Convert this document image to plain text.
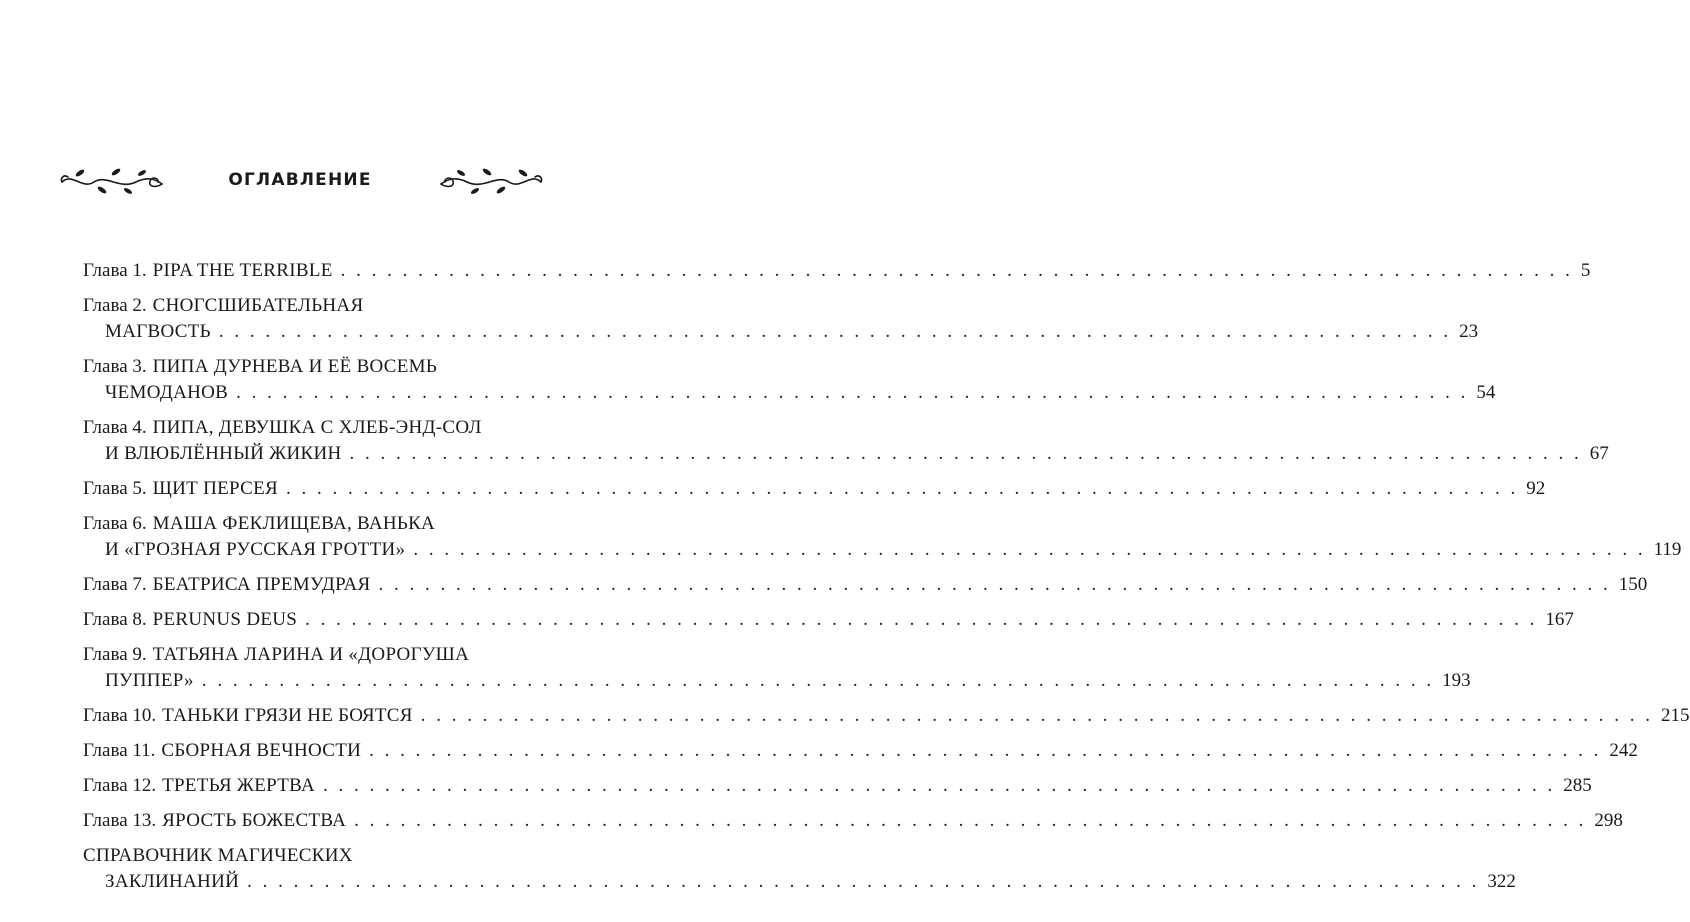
ОГЛАВЛЕНИЕ
Глава 1. PIPA THE TERRIBLE . . . . . . . . . . . . . . . . . . . . . . . . . . . . . . . . . . . . . . . . . . . . . . . . . . . . . . . . . . . . . . . . . . . . . . . . . . . . . . . . 5
Глава 2. СНОГСШИБАТЕЛЬНАЯ
МАГВОСТЬ . . . . . . . . . . . . . . . . . . . . . . . . . . . . . . . . . . . . . . . . . . . . . . . . . . . . . . . . . . . . . . . . . . . . . . . . . . . . . . . . 23
Глава 3. ПИПА ДУРНЕВА И ЕЁ ВОСЕМЬ
ЧЕМОДАНОВ . . . . . . . . . . . . . . . . . . . . . . . . . . . . . . . . . . . . . . . . . . . . . . . . . . . . . . . . . . . . . . . . . . . . . . . . . . . . . . . . 54
Глава 4. ПИПА, ДЕВУШКА С ХЛЕБ-ЭНД-СОЛ
И ВЛЮБЛЁННЫЙ ЖИКИН . . . . . . . . . . . . . . . . . . . . . . . . . . . . . . . . . . . . . . . . . . . . . . . . . . . . . . . . . . . . . . . . . . . . . . . . . . . . . . . . 67
Глава 5. ЩИТ ПЕРСЕЯ . . . . . . . . . . . . . . . . . . . . . . . . . . . . . . . . . . . . . . . . . . . . . . . . . . . . . . . . . . . . . . . . . . . . . . . . . . . . . . . . 92
Глава 6. МАША ФЕКЛИЩЕВА, ВАНЬКА
И «ГРОЗНАЯ РУССКАЯ ГРОТТИ» . . . . . . . . . . . . . . . . . . . . . . . . . . . . . . . . . . . . . . . . . . . . . . . . . . . . . . . . . . . . . . . . . . . . . . . . . . . . . . . . 119
Глава 7. БЕАТРИСА ПРЕМУДРАЯ . . . . . . . . . . . . . . . . . . . . . . . . . . . . . . . . . . . . . . . . . . . . . . . . . . . . . . . . . . . . . . . . . . . . . . . . . . . . . . . . 150
Глава 8. PERUNUS DEUS . . . . . . . . . . . . . . . . . . . . . . . . . . . . . . . . . . . . . . . . . . . . . . . . . . . . . . . . . . . . . . . . . . . . . . . . . . . . . . . . 167
Глава 9. ТАТЬЯНА ЛАРИНА И «ДОРОГУША
ПУППЕР» . . . . . . . . . . . . . . . . . . . . . . . . . . . . . . . . . . . . . . . . . . . . . . . . . . . . . . . . . . . . . . . . . . . . . . . . . . . . . . . . 193
Глава 10. ТАНЬКИ ГРЯЗИ НЕ БОЯТСЯ . . . . . . . . . . . . . . . . . . . . . . . . . . . . . . . . . . . . . . . . . . . . . . . . . . . . . . . . . . . . . . . . . . . . . . . . . . . . . . . . 215
Глава 11. СБОРНАЯ ВЕЧНОСТИ . . . . . . . . . . . . . . . . . . . . . . . . . . . . . . . . . . . . . . . . . . . . . . . . . . . . . . . . . . . . . . . . . . . . . . . . . . . . . . . . 242
Глава 12. ТРЕТЬЯ ЖЕРТВА . . . . . . . . . . . . . . . . . . . . . . . . . . . . . . . . . . . . . . . . . . . . . . . . . . . . . . . . . . . . . . . . . . . . . . . . . . . . . . . . 285
Глава 13. ЯРОСТЬ БОЖЕСТВА . . . . . . . . . . . . . . . . . . . . . . . . . . . . . . . . . . . . . . . . . . . . . . . . . . . . . . . . . . . . . . . . . . . . . . . . . . . . . . . . 298
СПРАВОЧНИК МАГИЧЕСКИХ
ЗАКЛИНАНИЙ . . . . . . . . . . . . . . . . . . . . . . . . . . . . . . . . . . . . . . . . . . . . . . . . . . . . . . . . . . . . . . . . . . . . . . . . . . . . . . . . 322
